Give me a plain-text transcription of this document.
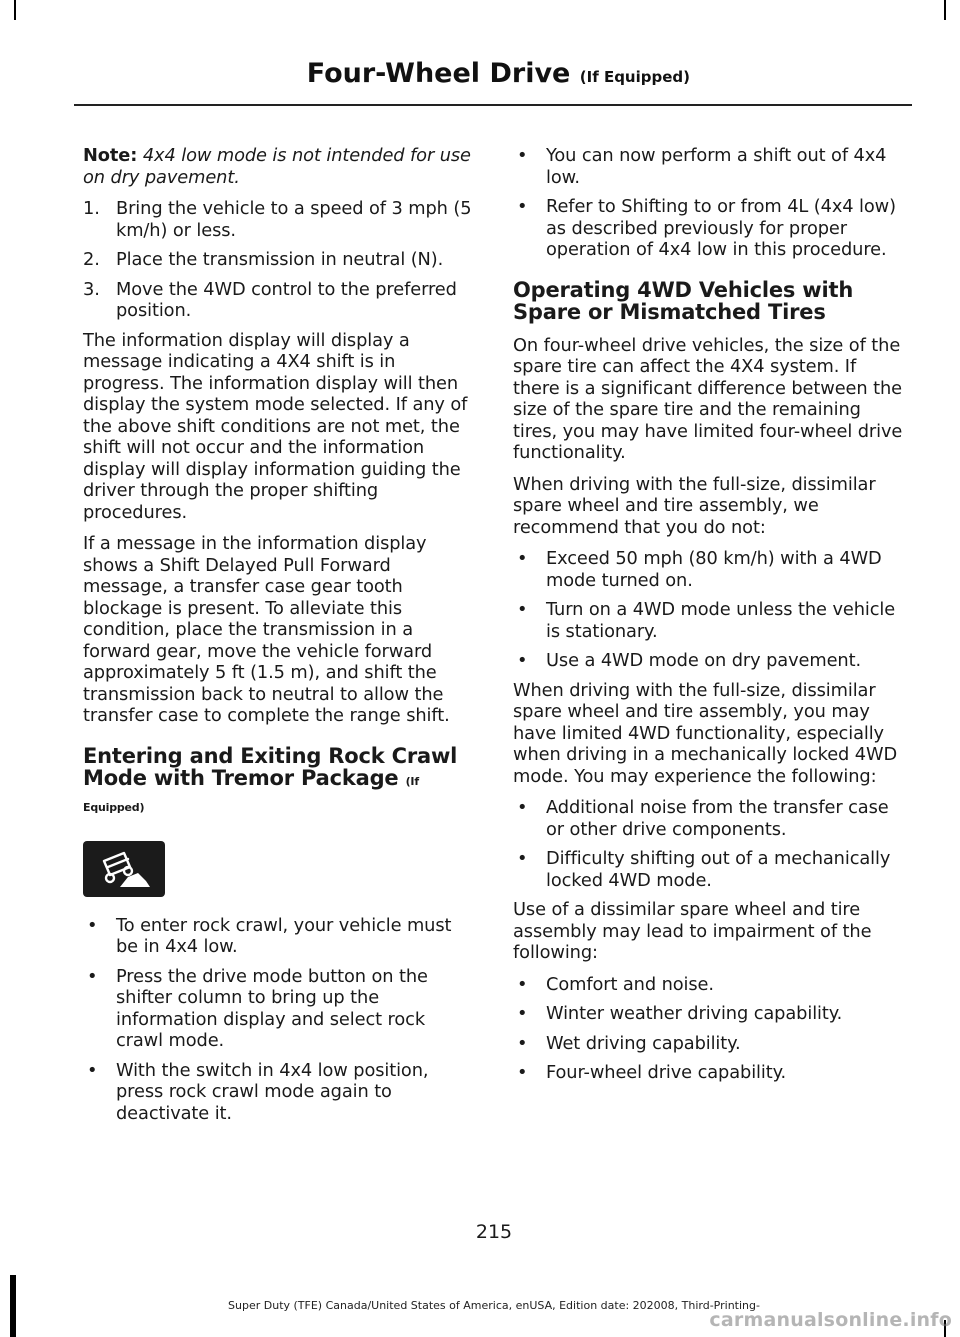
Four-Wheel Drive (If Equipped)

Note: 4x4 low mode is not intended for use on dry pavement.

1. Bring the vehicle to a speed of 3 mph (5 km/h) or less.
2. Place the transmission in neutral (N).
3. Move the 4WD control to the preferred position.

The information display will display a message indicating a 4X4 shift is in progress. The information display will then display the system mode selected. If any of the above shift conditions are not met, the shift will not occur and the information display will display information guiding the driver through the proper shifting procedures.

If a message in the information display shows a Shift Delayed Pull Forward message, a transfer case gear tooth blockage is present. To alleviate this condition, place the transmission in a forward gear, move the vehicle forward approximately 5 ft (1.5 m), and shift the transmission back to neutral to allow the transfer case to complete the range shift.

Entering and Exiting Rock Crawl Mode with Tremor Package (If Equipped)
• To enter rock crawl, your vehicle must be in 4x4 low.
• Press the drive mode button on the shifter column to bring up the information display and select rock crawl mode.
• With the switch in 4x4 low position, press rock crawl mode again to deactivate it.
• You can now perform a shift out of 4x4 low.
• Refer to Shifting to or from 4L (4x4 low) as described previously for proper operation of 4x4 low in this procedure.
Operating 4WD Vehicles with Spare or Mismatched Tires

On four-wheel drive vehicles, the size of the spare tire can affect the 4X4 system. If there is a significant difference between the size of the spare tire and the remaining tires, you may have limited four-wheel drive functionality.

When driving with the full-size, dissimilar spare wheel and tire assembly, we recommend that you do not:

• Exceed 50 mph (80 km/h) with a 4WD mode turned on.
• Turn on a 4WD mode unless the vehicle is stationary.
• Use a 4WD mode on dry pavement.

When driving with the full-size, dissimilar spare wheel and tire assembly, you may have limited 4WD functionality, especially when driving in a mechanically locked 4WD mode. You may experience the following:

• Additional noise from the transfer case or other drive components.
• Difficulty shifting out of a mechanically locked 4WD mode.

Use of a dissimilar spare wheel and tire assembly may lead to impairment of the following:

• Comfort and noise.
• Winter weather driving capability.
• Wet driving capability.
• Four-wheel drive capability.
215
Super Duty (TFE) Canada/United States of America, enUSA, Edition date: 202008, Third-Printing-
carmanualsonline.info
